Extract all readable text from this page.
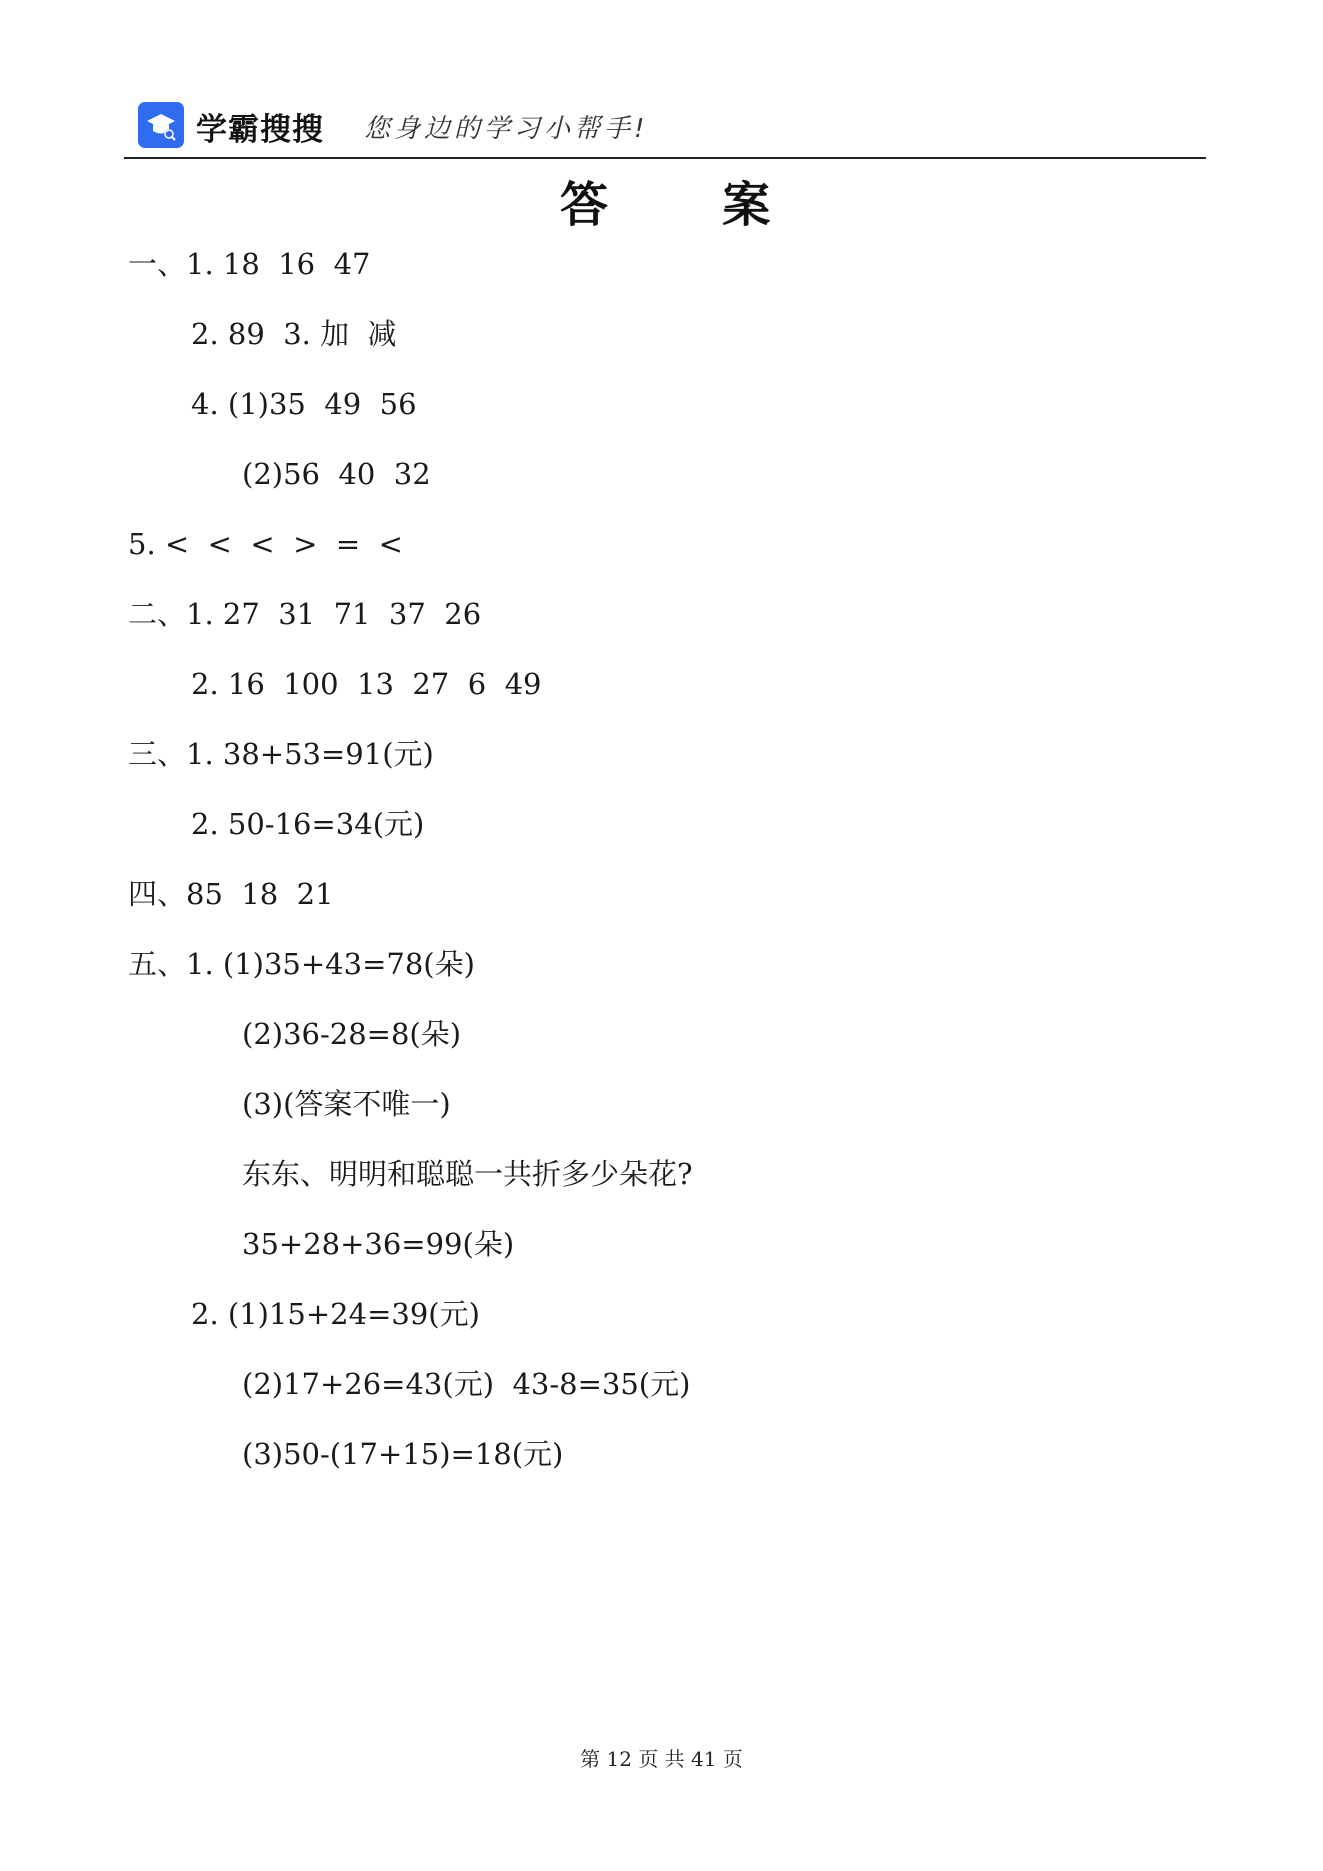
学霸搜搜 您身边的学习小帮手!
答 案
一、1. 18  16  47
2. 89  3. 加  减
4. (1)35  49  56
(2)56  40  32
5. <  <  <  >  =  <
二、1. 27  31  71  37  26
2. 16  100  13  27  6  49
三、1. 38+53=91(元)
2. 50-16=34(元)
四、85  18  21
五、1. (1)35+43=78(朵)
(2)36-28=8(朵)
(3)(答案不唯一)
东东、明明和聪聪一共折多少朵花?
35+28+36=99(朵)
2. (1)15+24=39(元)
(2)17+26=43(元)  43-8=35(元)
(3)50-(17+15)=18(元)
第 12 页 共 41 页
